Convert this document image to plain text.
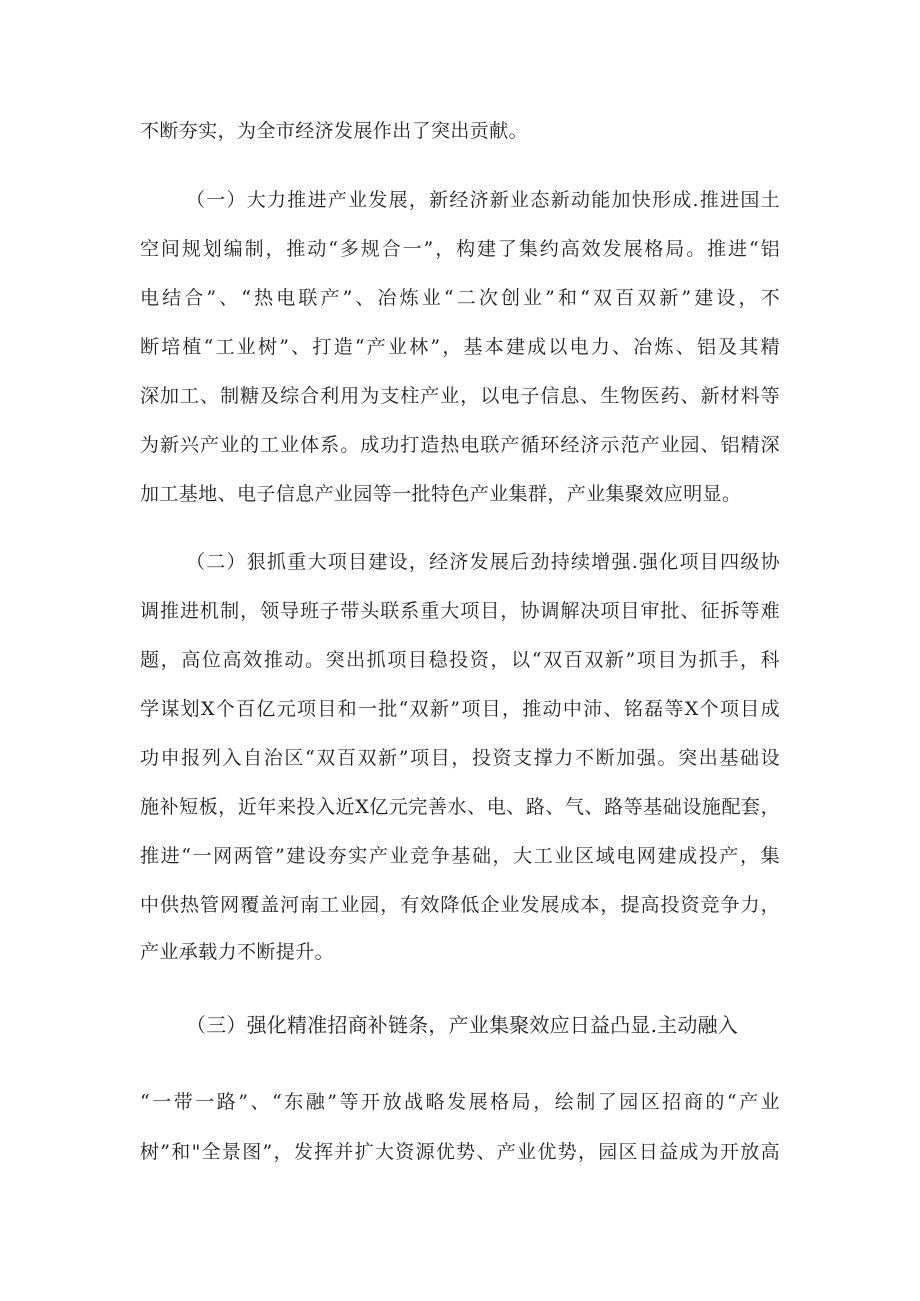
不断夯实，为全市经济发展作出了突出贡献。
（一）大力推进产业发展，新经济新业态新动能加快形成.推进国土
空间规划编制，推动“多规合一”，构建了集约高效发展格局。推进“铝
电结合”、“热电联产”、冶炼业“二次创业”和“双百双新”建设，不
断培植“工业树”、打造“产业林”，基本建成以电力、冶炼、铝及其精
深加工、制糖及综合利用为支柱产业，以电子信息、生物医药、新材料等
为新兴产业的工业体系。成功打造热电联产循环经济示范产业园、铝精深
加工基地、电子信息产业园等一批特色产业集群，产业集聚效应明显。
（二）狠抓重大项目建设，经济发展后劲持续增强.强化项目四级协
调推进机制，领导班子带头联系重大项目，协调解决项目审批、征拆等难
题，高位高效推动。突出抓项目稳投资，以“双百双新”项目为抓手，科
学谋划X个百亿元项目和一批“双新”项目，推动中沛、铭磊等X个项目成
功申报列入自治区“双百双新”项目，投资支撑力不断加强。突出基础设
施补短板，近年来投入近X亿元完善水、电、路、气、路等基础设施配套，
推进“一网两管”建设夯实产业竞争基础，大工业区域电网建成投产，集
中供热管网覆盖河南工业园，有效降低企业发展成本，提高投资竞争力，
产业承载力不断提升。
（三）强化精准招商补链条，产业集聚效应日益凸显.主动融入
“一带一路”、“东融”等开放战略发展格局，绘制了园区招商的“产业
树”和"全景图”，发挥并扩大资源优势、产业优势，园区日益成为开放高
